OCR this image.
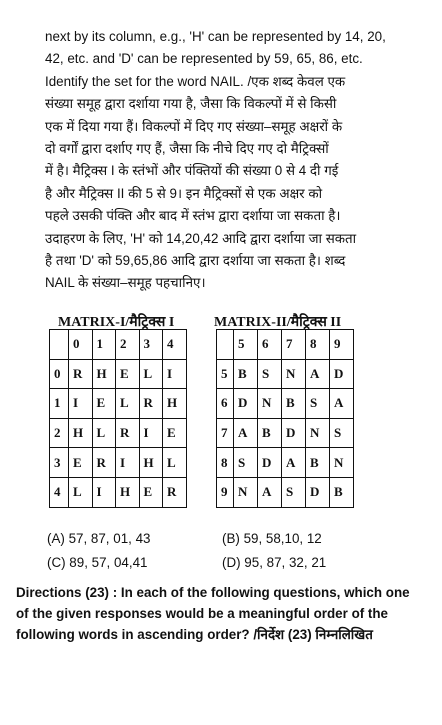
next by its column, e.g., 'H' can be represented by 14, 20,
42, etc. and 'D' can be represented by 59, 65, 86, etc.
Identify the set for the word NAIL. /एक शब्द केवल एक
संख्या समूह द्वारा दर्शाया गया है, जैसा कि विकल्पों में से किसी
एक में दिया गया हैं। विकल्पों में दिए गए संख्या–समूह अक्षरों के
दो वर्गों द्वारा दर्शाए गए हैं, जैसा कि नीचे दिए गए दो मैट्रिक्सों
में है। मैट्रिक्स I के स्तंभों और पंक्तियों की संख्या 0 से 4 दी गई
है और मैट्रिक्स II की 5 से 9। इन मैट्रिक्सों से एक अक्षर को
पहले उसकी पंक्ति और बाद में स्तंभ द्वारा दर्शाया जा सकता है।
उदाहरण के लिए, 'H' को 14,20,42 आदि द्वारा दर्शाया जा सकता
है तथा 'D' को 59,65,86 आदि द्वारा दर्शाया जा सकता है। शब्द
NAIL के संख्या–समूह पहचानिए।
MATRIX-I/मैट्रिक्स I	MATRIX-II/मैट्रिक्स II
	0	1	2	3	4
0	R	H	E	L	I
1	I	E	L	R	H
2	H	L	R	I	E
3	E	R	I	H	L
4	L	I	H	E	R
	5	6	7	8	9
5	B	S	N	A	D
6	D	N	B	S	A
7	A	B	D	N	S
8	S	D	A	B	N
9	N	A	S	D	B
(A) 57, 87, 01, 43	(B) 59, 58,10, 12
(C) 89, 57, 04,41	(D) 95, 87, 32, 21
Directions (23) : In each of the following questions, which one
of the given responses would be a meaningful order of the
following words in ascending order? /निर्देश (23) निम्नलिखित
